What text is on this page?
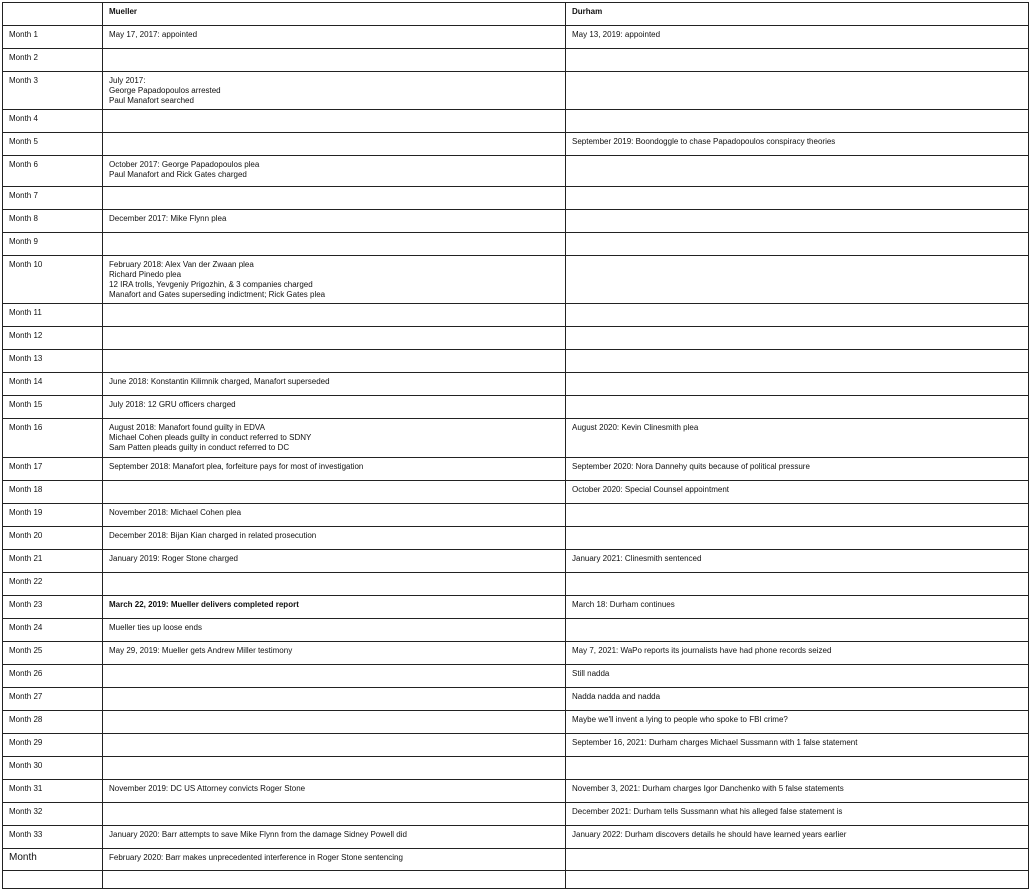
	Mueller	Durham
Month 1	May 17, 2017: appointed	May 13, 2019: appointed

Month 2		
Month 3	July 2017:
George Papadopoulos arrested
Paul Manafort searched	

Month 4		
Month 5		September 2019: Boondoggle to chase Papadopoulos conspiracy theories

Month 6	October 2017: George Papadopoulos plea
Paul Manafort and Rick Gates charged	

Month 7		
Month 8	December 2017: Mike Flynn plea	

Month 9		
Month 10	February 2018: Alex Van der Zwaan plea
Richard Pinedo plea
12 IRA trolls, Yevgeniy Prigozhin, & 3 companies charged
Manafort and Gates superseding indictment; Rick Gates plea	

Month 11		
Month 12		
Month 13		
Month 14	June 2018: Konstantin Kilimnik charged, Manafort superseded	

Month 15	July 2018: 12 GRU officers charged	

Month 16	August 2018: Manafort found guilty in EDVA
Michael Cohen pleads guilty in conduct referred to SDNY
Sam Patten pleads guilty in conduct referred to DC	August 2020: Kevin Clinesmith plea

Month 17	September 2018: Manafort plea, forfeiture pays for most of investigation	September 2020: Nora Dannehy quits because of political pressure

Month 18		October 2020: Special Counsel appointment

Month 19	November 2018: Michael Cohen plea	

Month 20	December 2018: Bijan Kian charged in related prosecution	

Month 21	January 2019: Roger Stone charged	January 2021: Clinesmith sentenced

Month 22		
Month 23	March 22, 2019: Mueller delivers completed report	March 18: Durham continues

Month 24	Mueller ties up loose ends	

Month 25	May 29, 2019: Mueller gets Andrew Miller testimony	May 7, 2021: WaPo reports its journalists have had phone records seized

Month 26		Still nadda

Month 27		Nadda nadda and nadda

Month 28		Maybe we'll invent a lying to people who spoke to FBI crime?

Month 29		September 16, 2021: Durham charges Michael Sussmann with 1 false statement

Month 30		
Month 31	November 2019: DC US Attorney convicts Roger Stone	November 3, 2021: Durham charges Igor Danchenko with 5 false statements

Month 32		December 2021: Durham tells Sussmann what his alleged false statement is

Month 33	January 2020: Barr attempts to save Mike Flynn from the damage Sidney Powell did	January 2022: Durham discovers details he should have learned years earlier

Month	February 2020: Barr makes unprecedented interference in Roger Stone sentencing	
